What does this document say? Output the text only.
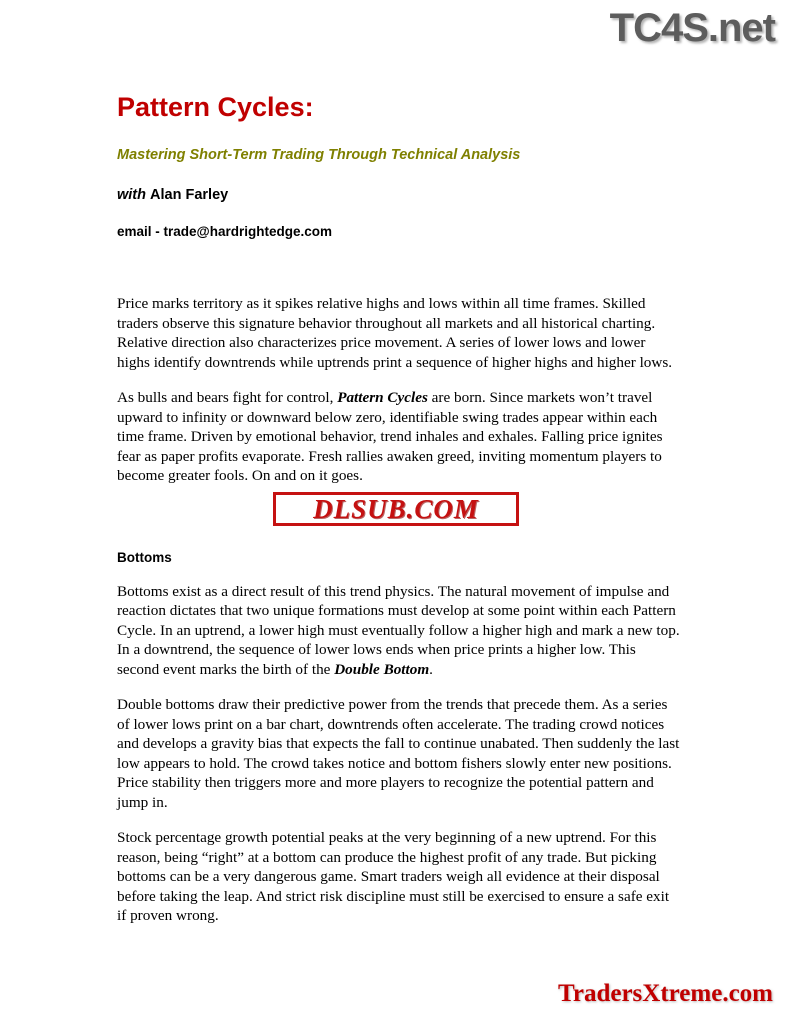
TC4S.net
Pattern Cycles:
Mastering Short-Term Trading Through Technical Analysis
with Alan Farley
email - trade@hardrightedge.com

Price marks territory as it spikes relative highs and lows within all time frames. Skilled traders observe this signature behavior throughout all markets and all historical charting. Relative direction also characterizes price movement. A series of lower lows and lower highs identify downtrends while uptrends print a sequence of higher highs and higher lows.

As bulls and bears fight for control, Pattern Cycles are born. Since markets won’t travel upward to infinity or downward below zero, identifiable swing trades appear within each time frame. Driven by emotional behavior, trend inhales and exhales. Falling price ignites fear as paper profits evaporate. Fresh rallies awaken greed, inviting momentum players to become greater fools. On and on it goes.

Bottoms

Bottoms exist as a direct result of this trend physics. The natural movement of impulse and reaction dictates that two unique formations must develop at some point within each Pattern Cycle. In an uptrend, a lower high must eventually follow a higher high and mark a new top. In a downtrend, the sequence of lower lows ends when price prints a higher low. This second event marks the birth of the Double Bottom.

Double bottoms draw their predictive power from the trends that precede them. As a series of lower lows print on a bar chart, downtrends often accelerate. The trading crowd notices and develops a gravity bias that expects the fall to continue unabated. Then suddenly the last low appears to hold. The crowd takes notice and bottom fishers slowly enter new positions. Price stability then triggers more and more players to recognize the potential pattern and jump in.

Stock percentage growth potential peaks at the very beginning of a new uptrend. For this reason, being “right” at a bottom can produce the highest profit of any trade. But picking bottoms can be a very dangerous game. Smart traders weigh all evidence at their disposal before taking the leap. And strict risk discipline must still be exercised to ensure a safe exit if proven wrong.

DLSUB.COM
TradersXtreme.com
